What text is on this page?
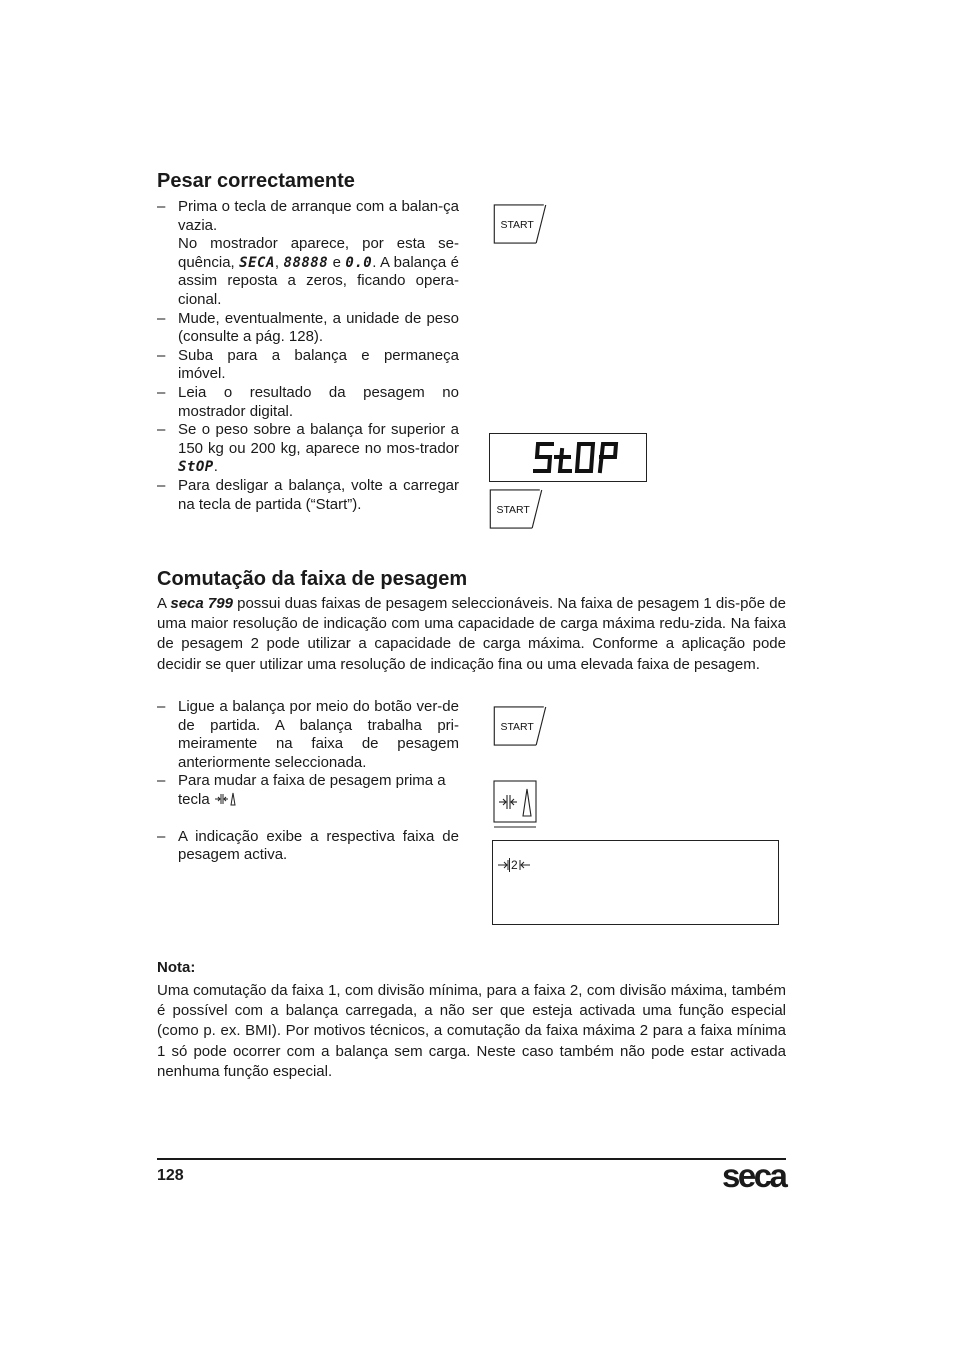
Pesar correctamente
– Prima o tecla de arranque com a balan-ça vazia.
No mostrador aparece, por esta se-quência, SECA, 88888 e 0.0. A balança é assim reposta a zeros, ficando opera-cional.
– Mude, eventualmente, a unidade de peso (consulte a pág. 128).
– Suba para a balança e permaneça imóvel.
– Leia o resultado da pesagem no mostrador digital.
– Se o peso sobre a balança for superior a 150 kg ou 200 kg, aparece no mos-trador StOP.
– Para desligar a balança, volte a carregar na tecla de partida (“Start”).
START
START
Comutação da faixa de pesagem
A seca 799 possui duas faixas de pesagem seleccionáveis. Na faixa de pesagem 1 dis-põe de uma maior resolução de indicação com uma capacidade de carga máxima redu-zida. Na faixa de pesagem 2 pode utilizar a capacidade de carga máxima. Conforme a aplicação pode decidir se quer utilizar uma resolução de indicação fina ou uma elevada faixa de pesagem.
– Ligue a balança por meio do botão ver-de de partida. A balança trabalha pri-meiramente na faixa de pesagem anteriormente seleccionada.
– Para mudar a faixa de pesagem prima a tecla
– A indicação exibe a respectiva faixa de pesagem activa.
START
2
Nota:
Uma comutação da faixa 1, com divisão mínima, para a faixa 2, com divisão máxima, também é possível com a balança carregada, a não ser que esteja activada uma função especial (como p. ex. BMI). Por motivos técnicos, a comutação da faixa máxima 2 para a faixa mínima 1 só pode ocorrer com a balança sem carga. Neste caso também não pode estar activada nenhuma função especial.
128	seca
